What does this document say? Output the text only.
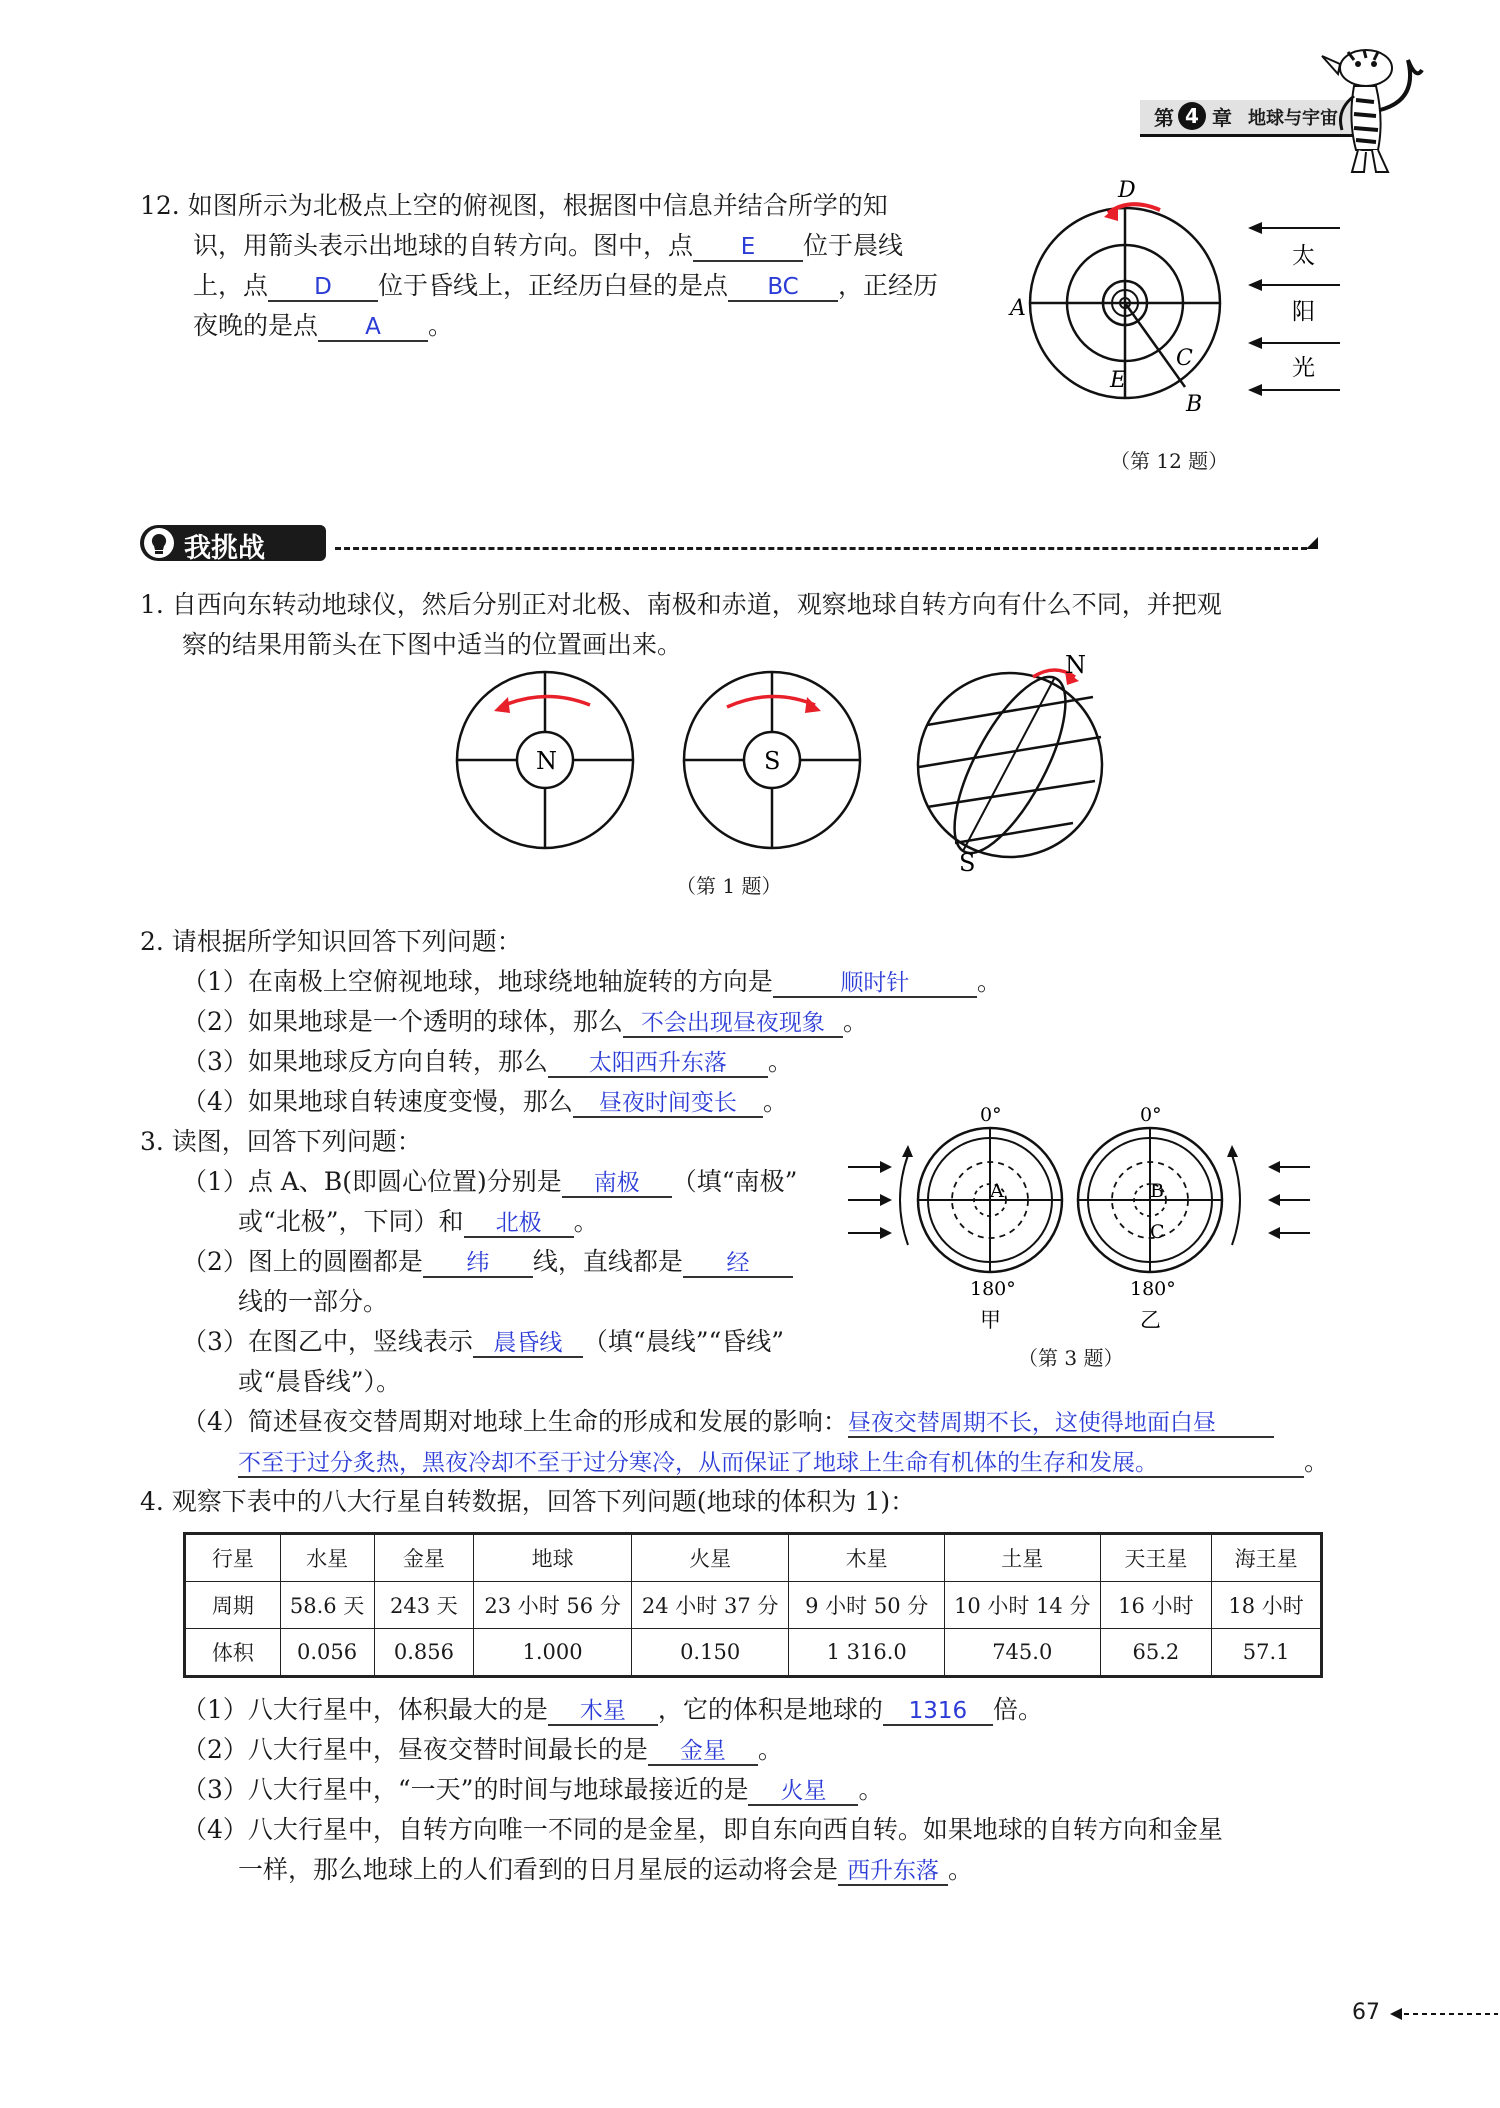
第 4 章 地球与宇宙
12. 如图所示为北极点上空的俯视图，根据图中信息并结合所学的知
识，用箭头表示出地球的自转方向。图中，点 E 位于晨线
上，点 D 位于昏线上，正经历白昼的是点 BC ，正经历
夜晚的是点 A 。
D
A
E
C
B
太
阳
光
（第 12 题）
我挑战
1. 自西向东转动地球仪，然后分别正对北极、南极和赤道，观察地球自转方向有什么不同，并把观
察的结果用箭头在下图中适当的位置画出来。
N	S
N
S
（第 1 题）
2. 请根据所学知识回答下列问题：
（1）在南极上空俯视地球，地球绕地轴旋转的方向是	顺时针	。
（2）如果地球是一个透明的球体，那么 不会出现昼夜现象 。
（3）如果地球反方向自转，那么 太阳西升东落 。
（4）如果地球自转速度变慢，那么 昼夜时间变长 。
3. 读图，回答下列问题：
（1）点 A、B(即圆心位置)分别是 南极 （填“南极”
或“北极”，下同）和 北极 。
（2）图上的圆圈都是 纬 线，直线都是 经
线的一部分。
（3）在图乙中，竖线表示 晨昏线 （填“晨线”“昏线”
或“晨昏线”）。
（4）简述昼夜交替周期对地球上生命的形成和发展的影响：昼夜交替周期不长，这使得地面白昼
不至于过分炙热，黑夜冷却不至于过分寒冷，从而保证了地球上生命有机体的生存和发展。	。
0°
180°
A
甲
0°
180°
B
C
乙
（第 3 题）
4. 观察下表中的八大行星自转数据，回答下列问题(地球的体积为 1)：
行星	水星	金星	地球	火星	木星	土星	天王星	海王星
周期	58.6 天	243 天	23 小时 56 分	24 小时 37 分	9 小时 50 分	10 小时 14 分	16 小时	18 小时
体积	0.056	0.856	1.000	0.150	1 316.0	745.0	65.2	57.1
（1）八大行星中，体积最大的是 木星 ，它的体积是地球的 1316 倍。
（2）八大行星中，昼夜交替时间最长的是 金星 。
（3）八大行星中，“一天”的时间与地球最接近的是 火星 。
（4）八大行星中，自转方向唯一不同的是金星，即自东向西自转。如果地球的自转方向和金星
一样，那么地球上的人们看到的日月星辰的运动将会是 西升东落 。
67
